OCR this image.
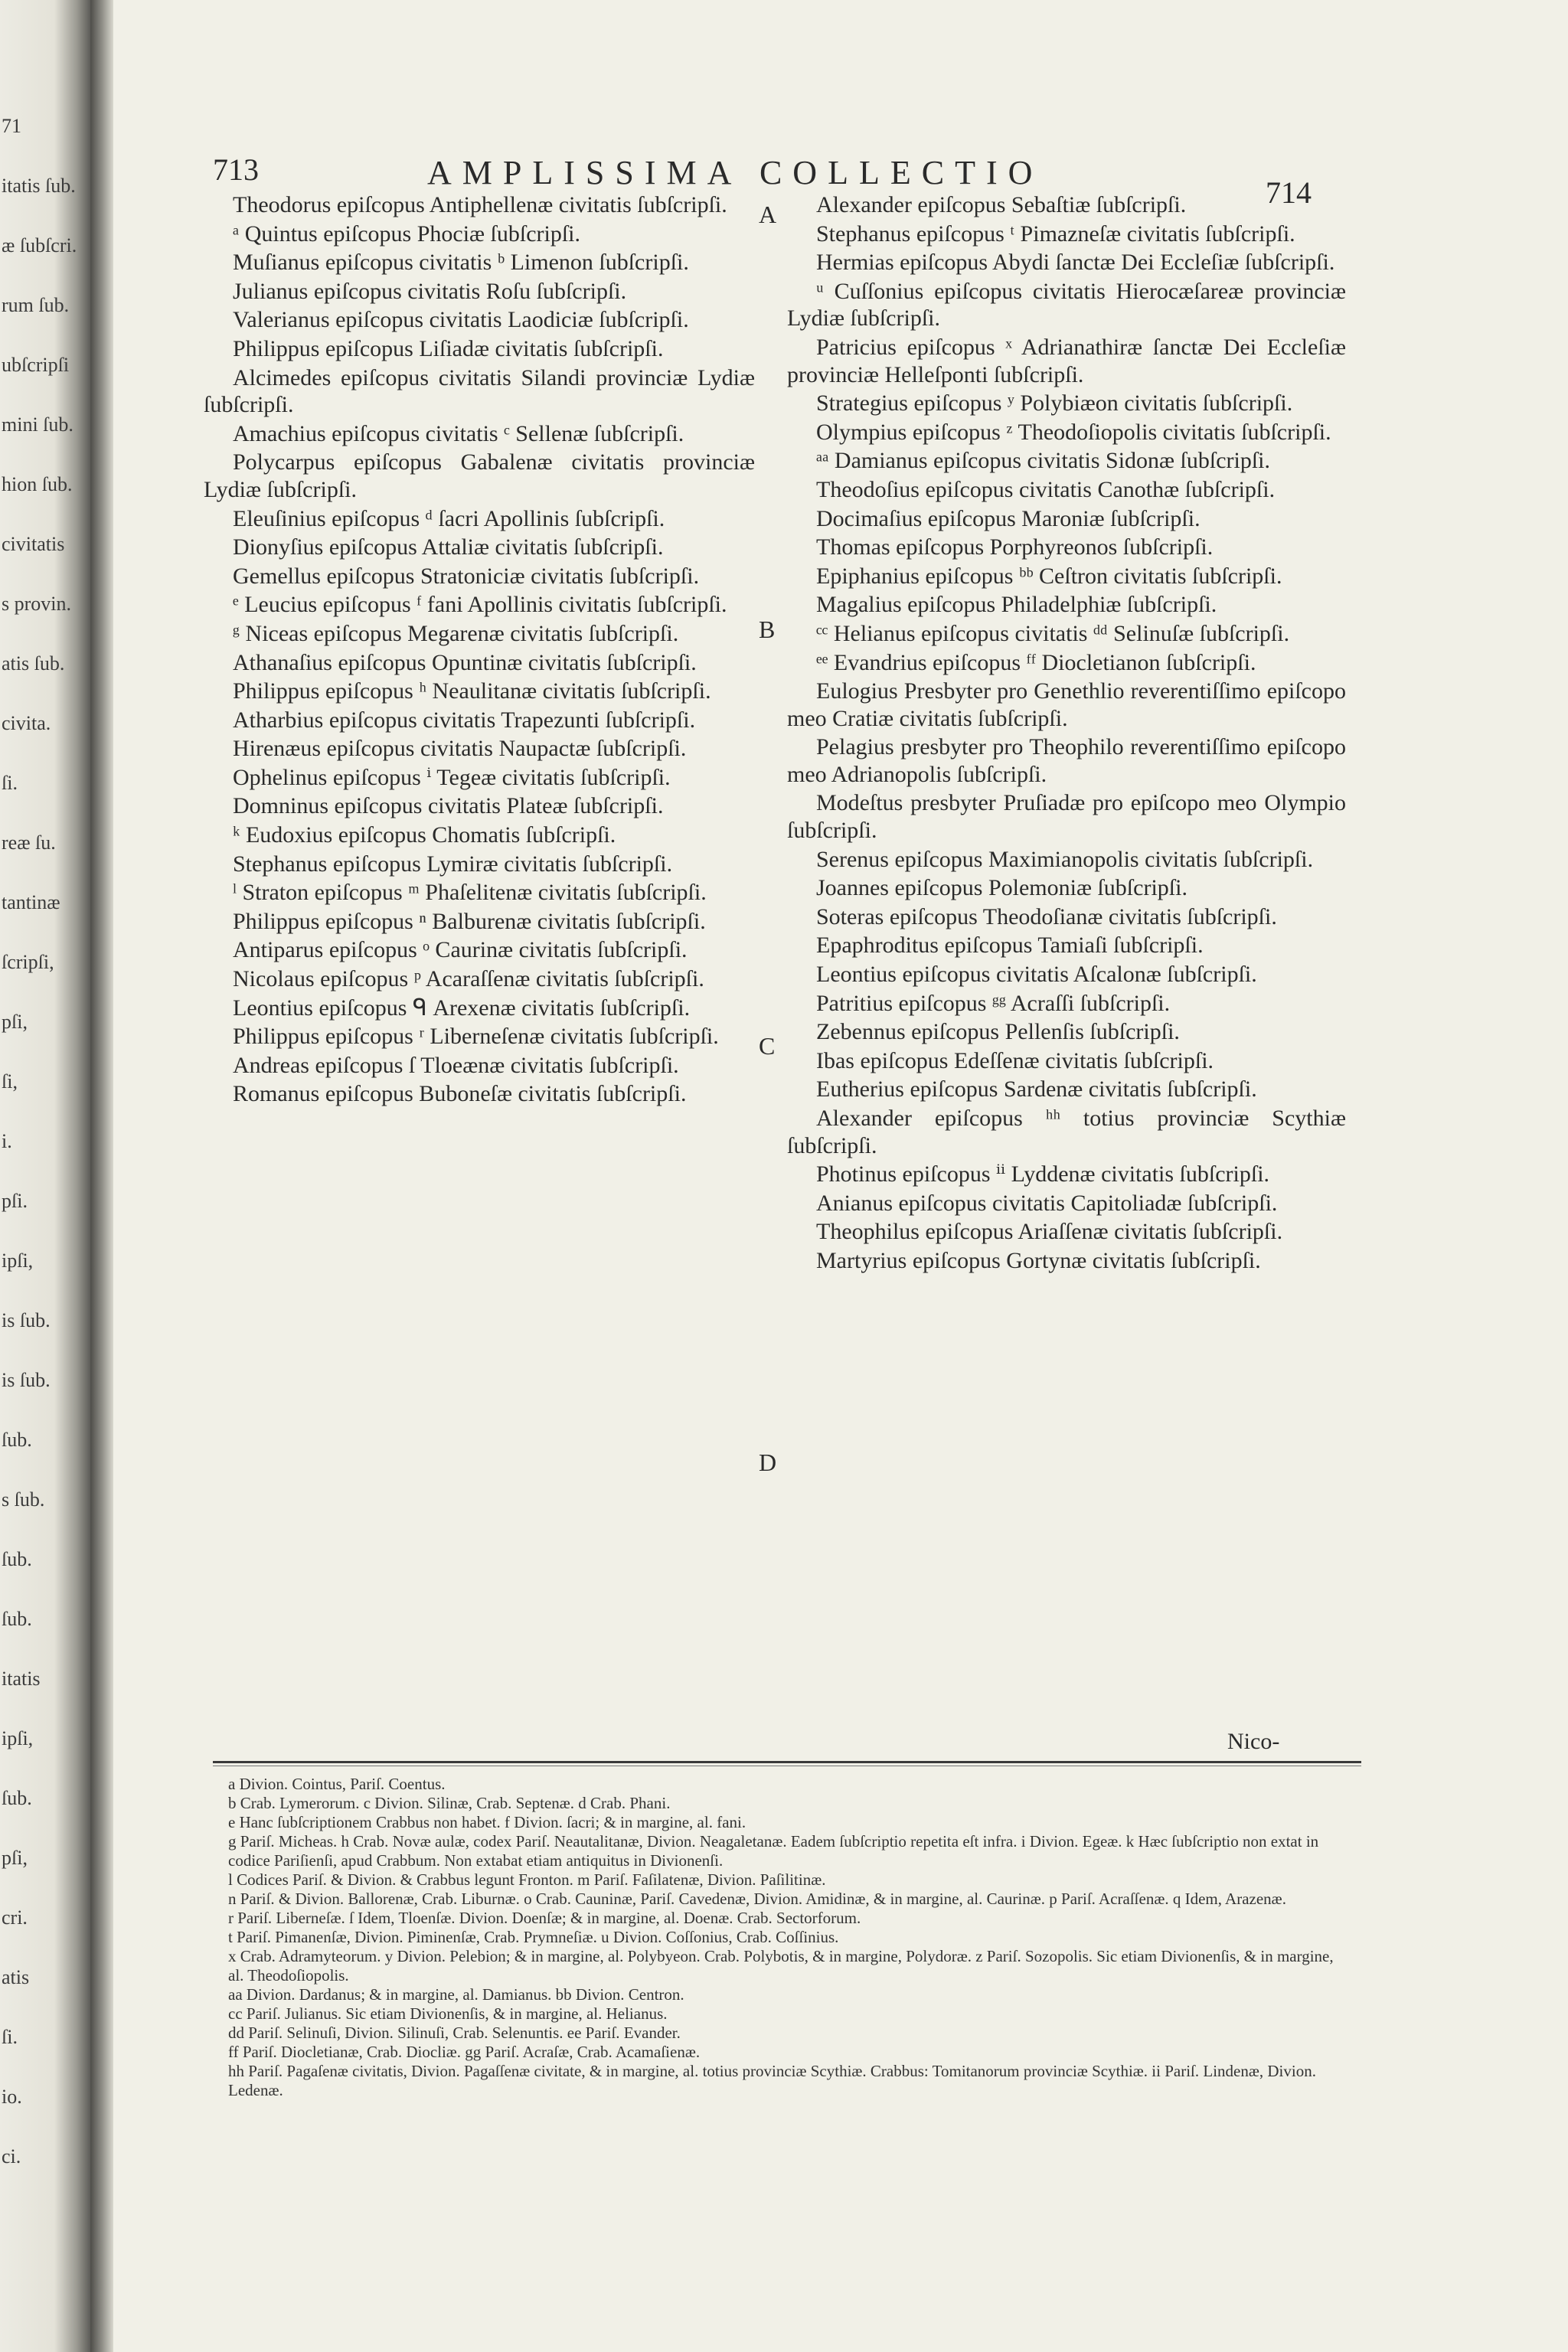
71
itatis ſub.
æ ſubſcri.
rum ſub.
ubſcripſi
mini ſub.
hion ſub.
civitatis
s provin.
atis ſub.
civita.
ſi.
reæ ſu.
tantinæ
ſcripſi,
pſi,
ſi,
i.
pſi.
ipſi,
is ſub.
is ſub.
ſub.
s ſub.
ſub.
ſub.
itatis
ipſi,
ſub.
pſi,
cri.
atis
ſi.
io.
ci.
713	AMPLISSIMA COLLECTIO
714

Theodorus epiſcopus Antiphellenæ civitatis ſubſcripſi.

ᵃ Quintus epiſcopus Phociæ ſubſcripſi.

Muſianus epiſcopus civitatis ᵇ Limenon ſubſcripſi.

Julianus epiſcopus civitatis Roſu ſubſcripſi.

Valerianus epiſcopus civitatis Laodiciæ ſubſcripſi.

Philippus epiſcopus Liſiadæ civitatis ſubſcripſi.

Alcimedes epiſcopus civitatis Silandi provinciæ Lydiæ ſubſcripſi.

Amachius epiſcopus civitatis ᶜ Sellenæ ſubſcripſi.

Polycarpus epiſcopus Gabalenæ civitatis provinciæ Lydiæ ſubſcripſi.

Eleuſinius epiſcopus ᵈ ſacri Apollinis ſubſcripſi.

Dionyſius epiſcopus Attaliæ civitatis ſubſcripſi.

Gemellus epiſcopus Stratoniciæ civitatis ſubſcripſi.

ᵉ Leucius epiſcopus ᶠ fani Apollinis civitatis ſubſcripſi.

ᵍ Niceas epiſcopus Megarenæ civitatis ſubſcripſi.

Athanaſius epiſcopus Opuntinæ civitatis ſubſcripſi.

Philippus epiſcopus ʰ Neaulitanæ civitatis ſubſcripſi.

Atharbius epiſcopus civitatis Trapezunti ſubſcripſi.

Hirenæus epiſcopus civitatis Naupactæ ſubſcripſi.

Ophelinus epiſcopus ⁱ Tegeæ civitatis ſubſcripſi.

Domninus epiſcopus civitatis Plateæ ſubſcripſi.

ᵏ Eudoxius epiſcopus Chomatis ſubſcripſi.

Stephanus epiſcopus Lymiræ civitatis ſubſcripſi.

ˡ Straton epiſcopus ᵐ Phaſelitenæ civitatis ſubſcripſi.

Philippus epiſcopus ⁿ Balburenæ civitatis ſubſcripſi.

Antiparus epiſcopus ᵒ Caurinæ civitatis ſubſcripſi.

Nicolaus epiſcopus ᵖ Acaraſſenæ civitatis ſubſcripſi.

Leontius epiſcopus ᑫ Arexenæ civitatis ſubſcripſi.

Philippus epiſcopus ʳ Liberneſenæ civitatis ſubſcripſi.

Andreas epiſcopus ſ Tloeænæ civitatis ſubſcripſi.

Romanus epiſcopus Buboneſæ civitatis ſubſcripſi.

Alexander epiſcopus Sebaſtiæ ſubſcripſi.

Stephanus epiſcopus ᵗ Pimazneſæ civitatis ſubſcripſi.

Hermias epiſcopus Abydi ſanctæ Dei Eccleſiæ ſubſcripſi.

ᵘ Cuſſonius epiſcopus civitatis Hierocæſareæ provinciæ Lydiæ ſubſcripſi.

Patricius epiſcopus ˣ Adrianathiræ ſanctæ Dei Eccleſiæ provinciæ Helleſponti ſubſcripſi.

Strategius epiſcopus ʸ Polybiæon civitatis ſubſcripſi.

Olympius epiſcopus ᶻ Theodoſiopolis civitatis ſubſcripſi.

ᵃᵃ Damianus epiſcopus civitatis Sidonæ ſubſcripſi.

Theodoſius epiſcopus civitatis Canothæ ſubſcripſi.

Docimaſius epiſcopus Maroniæ ſubſcripſi.

Thomas epiſcopus Porphyreonos ſubſcripſi.

Epiphanius epiſcopus ᵇᵇ Ceſtron civitatis ſubſcripſi.

Magalius epiſcopus Philadelphiæ ſubſcripſi.

ᶜᶜ Helianus epiſcopus civitatis ᵈᵈ Selinuſæ ſubſcripſi.

ᵉᵉ Evandrius epiſcopus ᶠᶠ Diocletianon ſubſcripſi.

Eulogius Presbyter pro Genethlio reverentiſſimo epiſcopo meo Cratiæ civitatis ſubſcripſi.

Pelagius presbyter pro Theophilo reverentiſſimo epiſcopo meo Adrianopolis ſubſcripſi.

Modeſtus presbyter Pruſiadæ pro epiſcopo meo Olympio ſubſcripſi.

Serenus epiſcopus Maximianopolis civitatis ſubſcripſi.

Joannes epiſcopus Polemoniæ ſubſcripſi.

Soteras epiſcopus Theodoſianæ civitatis ſubſcripſi.

Epaphroditus epiſcopus Tamiaſi ſubſcripſi.

Leontius epiſcopus civitatis Aſcalonæ ſubſcripſi.

Patritius epiſcopus ᵍᵍ Acraſſi ſubſcripſi.

Zebennus epiſcopus Pellenſis ſubſcripſi.

Ibas epiſcopus Edeſſenæ civitatis ſubſcripſi.

Eutherius epiſcopus Sardenæ civitatis ſubſcripſi.

Alexander epiſcopus ʰʰ totius provinciæ Scythiæ ſubſcripſi.

Photinus epiſcopus ⁱⁱ Lyddenæ civitatis ſubſcripſi.

Anianus epiſcopus civitatis Capitoliadæ ſubſcripſi.

Theophilus epiſcopus Ariaſſenæ civitatis ſubſcripſi.

Martyrius epiſcopus Gortynæ civitatis ſubſcripſi.

A
B
C
D
Nico-

a Divion. Cointus, Pariſ. Coentus.

b Crab. Lymerorum. c Divion. Silinæ, Crab. Septenæ. d Crab. Phani.

e Hanc ſubſcriptionem Crabbus non habet. f Divion. ſacri; & in margine, al. fani.

g Pariſ. Micheas. h Crab. Novæ aulæ, codex Pariſ. Neautalitanæ, Divion. Neagaletanæ. Eadem ſubſcriptio repetita eſt infra. i Divion. Egeæ. k Hæc ſubſcriptio non extat in codice Pariſienſi, apud Crabbum. Non extabat etiam antiquitus in Divionenſi.

l Codices Pariſ. & Divion. & Crabbus legunt Fronton. m Pariſ. Faſilatenæ, Divion. Paſilitinæ.

n Pariſ. & Divion. Ballorenæ, Crab. Liburnæ. o Crab. Cauninæ, Pariſ. Cavedenæ, Divion. Amidinæ, & in margine, al. Caurinæ. p Pariſ. Acraſſenæ. q Idem, Arazenæ.

r Pariſ. Liberneſæ. ſ Idem, Tloenſæ. Divion. Doenſæ; & in margine, al. Doenæ. Crab. Sectorforum.

t Pariſ. Pimanenſæ, Divion. Piminenſæ, Crab. Prymneſiæ. u Divion. Coſſonius, Crab. Coſſinius.

x Crab. Adramyteorum. y Divion. Pelebion; & in margine, al. Polybyeon. Crab. Polybotis, & in margine, Polydoræ. z Pariſ. Sozopolis. Sic etiam Divionenſis, & in margine, al. Theodoſiopolis.

aa Divion. Dardanus; & in margine, al. Damianus. bb Divion. Centron.

cc Pariſ. Julianus. Sic etiam Divionenſis, & in margine, al. Helianus.

dd Pariſ. Selinuſi, Divion. Silinuſi, Crab. Selenuntis. ee Pariſ. Evander.

ff Pariſ. Diocletianæ, Crab. Diocliæ. gg Pariſ. Acraſæ, Crab. Acamaſienæ.

hh Pariſ. Pagaſenæ civitatis, Divion. Pagaſſenæ civitate, & in margine, al. totius provinciæ Scythiæ. Crabbus: Tomitanorum provinciæ Scythiæ. ii Pariſ. Lindenæ, Divion. Ledenæ.
